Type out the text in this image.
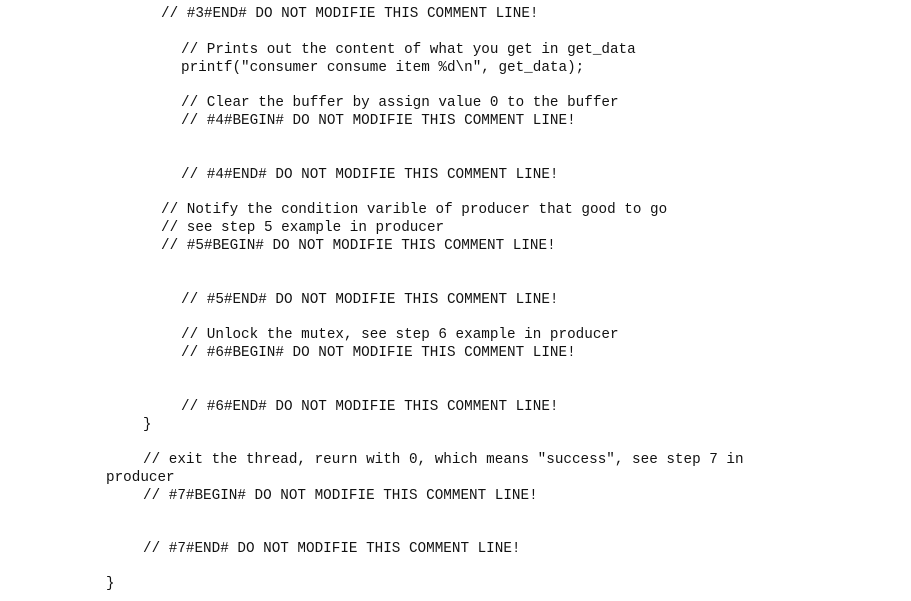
// #3#END# DO NOT MODIFIE THIS COMMENT LINE!
// Prints out the content of what you get in get_data
printf("consumer consume item %d\n", get_data);
// Clear the buffer by assign value 0 to the buffer
// #4#BEGIN# DO NOT MODIFIE THIS COMMENT LINE!
// #4#END# DO NOT MODIFIE THIS COMMENT LINE!
// Notify the condition varible of producer that good to go
// see step 5 example in producer
// #5#BEGIN# DO NOT MODIFIE THIS COMMENT LINE!
// #5#END# DO NOT MODIFIE THIS COMMENT LINE!
// Unlock the mutex, see step 6 example in producer
// #6#BEGIN# DO NOT MODIFIE THIS COMMENT LINE!
// #6#END# DO NOT MODIFIE THIS COMMENT LINE!
}
// exit the thread, reurn with 0, which means "success", see step 7 in
producer
// #7#BEGIN# DO NOT MODIFIE THIS COMMENT LINE!
// #7#END# DO NOT MODIFIE THIS COMMENT LINE!
}
